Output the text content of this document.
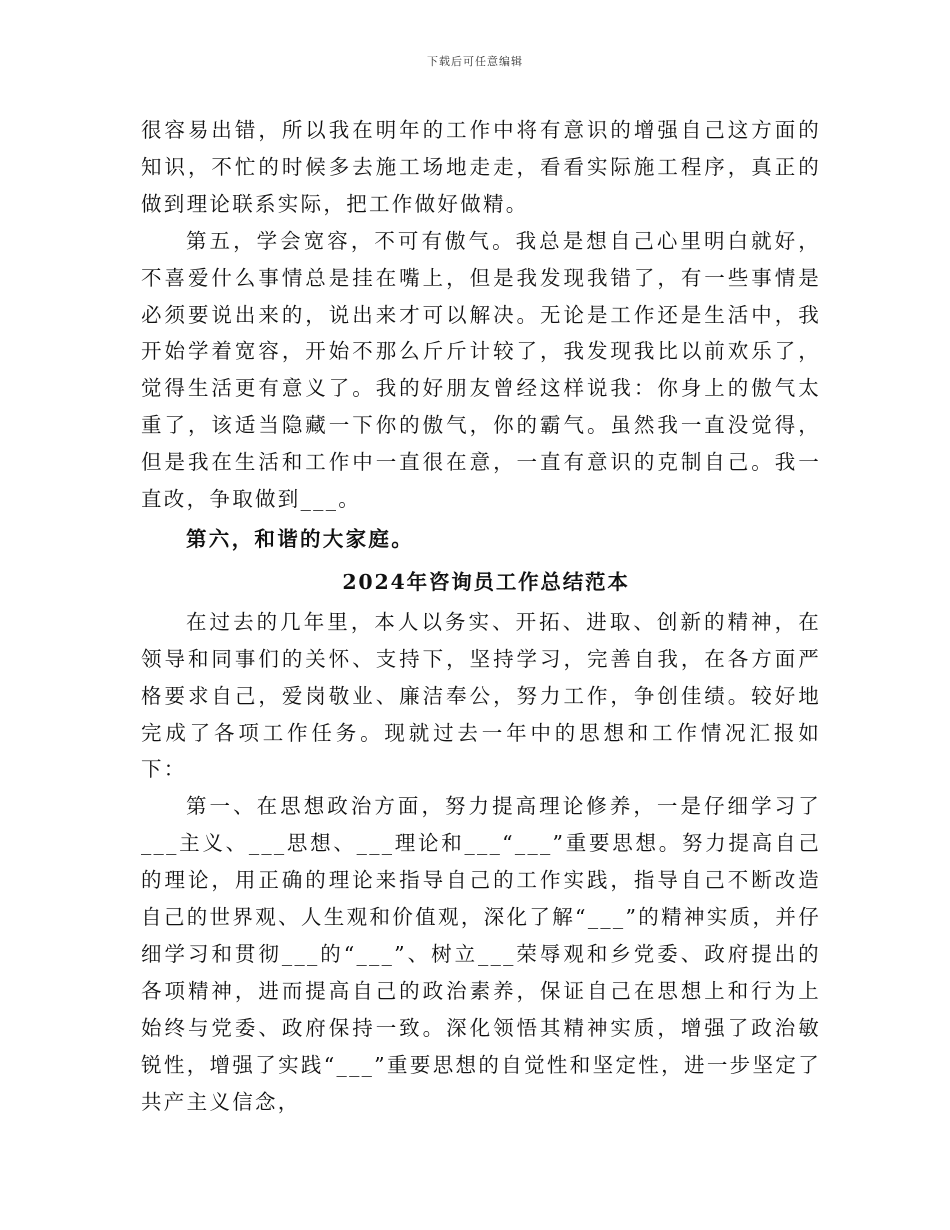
下载后可任意编辑

很容易出错，所以我在明年的工作中将有意识的增强自己这方面的知识，不忙的时候多去施工场地走走，看看实际施工程序，真正的做到理论联系实际，把工作做好做精。

第五，学会宽容，不可有傲气。我总是想自己心里明白就好，不喜爱什么事情总是挂在嘴上，但是我发现我错了，有一些事情是必须要说出来的，说出来才可以解决。无论是工作还是生活中，我开始学着宽容，开始不那么斤斤计较了，我发现我比以前欢乐了，觉得生活更有意义了。我的好朋友曾经这样说我：你身上的傲气太重了，该适当隐藏一下你的傲气，你的霸气。虽然我一直没觉得，但是我在生活和工作中一直很在意，一直有意识的克制自己。我一直改，争取做到___。

第六，和谐的大家庭。

2024年咨询员工作总结范本

在过去的几年里，本人以务实、开拓、进取、创新的精神，在领导和同事们的关怀、支持下，坚持学习，完善自我，在各方面严格要求自己，爱岗敬业、廉洁奉公，努力工作，争创佳绩。较好地完成了各项工作任务。现就过去一年中的思想和工作情况汇报如下：

第一、在思想政治方面，努力提高理论修养，一是仔细学习了___主义、___思想、___理论和___“___”重要思想。努力提高自己的理论，用正确的理论来指导自己的工作实践，指导自己不断改造自己的世界观、人生观和价值观，深化了解“___”的精神实质，并仔细学习和贯彻___的“___”、树立___荣辱观和乡党委、政府提出的各项精神，进而提高自己的政治素养，保证自己在思想上和行为上始终与党委、政府保持一致。深化领悟其精神实质，增强了政治敏锐性，增强了实践“___”重要思想的自觉性和坚定性，进一步坚定了共产主义信念，
